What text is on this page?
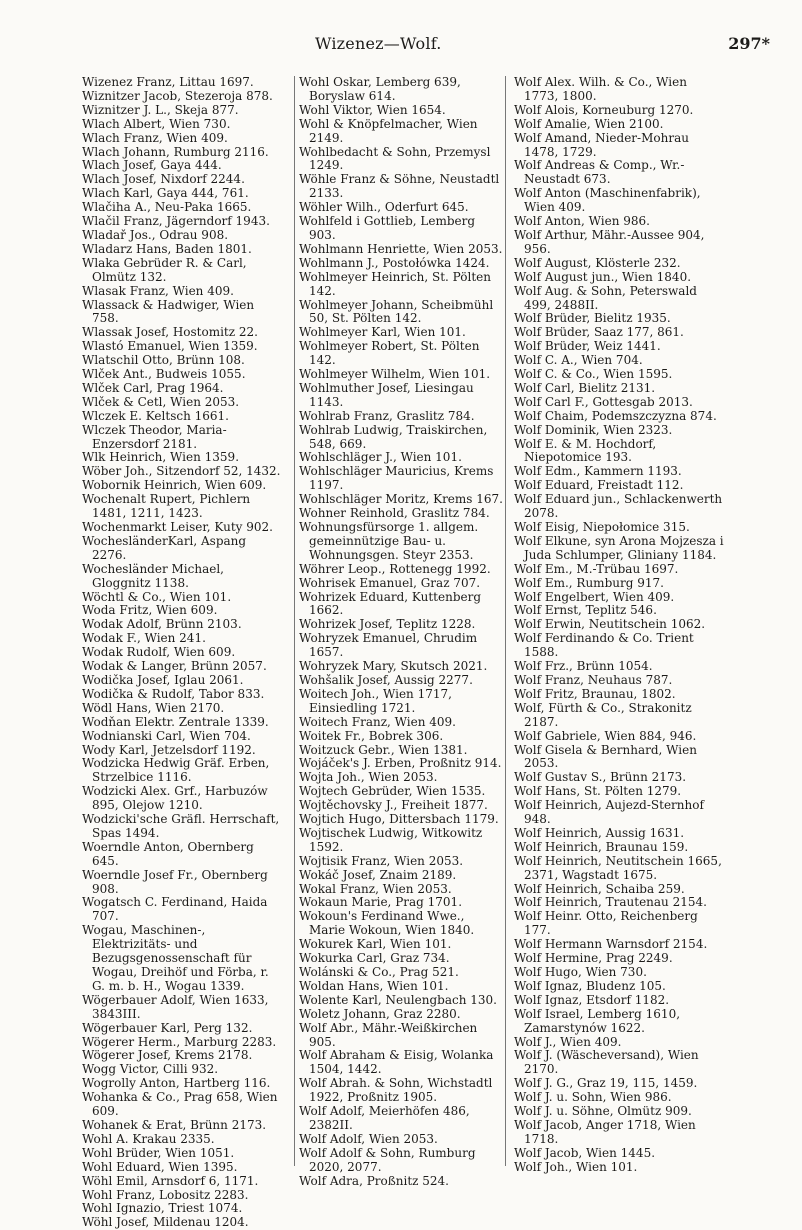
Wizenez—Wolf.	297*

Wizenez Franz, Littau 1697.

Wiznitzer Jacob, Stezeroja 878.

Wiznitzer J. L., Skeja 877.

Wlach Albert, Wien 730.

Wlach Franz, Wien 409.

Wlach Johann, Rumburg 2116.

Wlach Josef, Gaya 444.

Wlach Josef, Nixdorf 2244.

Wlach Karl, Gaya 444, 761.

Wlačiha A., Neu-Paka 1665.

Wlačil Franz, Jägerndorf 1943.

Wladař Jos., Odrau 908.

Wladarz Hans, Baden 1801.

Wlaka Gebrüder R. & Carl, Olmütz 132.

Wlasak Franz, Wien 409.

Wlassack & Hadwiger, Wien 758.

Wlassak Josef, Hostomitz 22.

Wlastó Emanuel, Wien 1359.

Wlatschil Otto, Brünn 108.

Wlček Ant., Budweis 1055.

Wlček Carl, Prag 1964.

Wlček & Cetl, Wien 2053.

Wlczek E. Keltsch 1661.

Wlczek Theodor, Maria-Enzersdorf 2181.

Wlk Heinrich, Wien 1359.

Wöber Joh., Sitzendorf 52, 1432.

Wobornik Heinrich, Wien 609.

Wochenalt Rupert, Pichlern 1481, 1211, 1423.

Wochenmarkt Leiser, Kuty 902.

WocheslӓnderKarl, Aspang 2276.

Wocheslӓnder Michael, Gloggnitz 1138.

Wöchtl & Co., Wien 101.

Woda Fritz, Wien 609.

Wodak Adolf, Brünn 2103.

Wodak F., Wien 241.

Wodak Rudolf, Wien 609.

Wodak & Langer, Brünn 2057.

Wodička Josef, Iglau 2061.

Wodička & Rudolf, Tabor 833.

Wödl Hans, Wien 2170.

Wodňan Elektr. Zentrale 1339.

Wodnianski Carl, Wien 704.

Wody Karl, Jetzelsdorf 1192.

Wodzicka Hedwig Gräf. Erben, Strzelbice 1116.

Wodzicki Alex. Grf., Harbuzów 895, Olejow 1210.

Wodzicki'sche Gräfl. Herrschaft, Spas 1494.

Woerndle Anton, Obernberg 645.

Woerndle Josef Fr., Obernberg 908.

Wogatsch C. Ferdinand, Haida 707.

Wogau, Maschinen-, Elektrizitäts- und Bezugsgenossenschaft für Wogau, Dreihöf und Förba, r. G. m. b. H., Wogau 1339.

Wögerbauer Adolf, Wien 1633, 3843III.

Wögerbauer Karl, Perg 132.

Wögerer Herm., Marburg 2283.

Wögerer Josef, Krems 2178.

Wogg Victor, Cilli 932.

Wogrolly Anton, Hartberg 116.

Wohanka & Co., Prag 658, Wien 609.

Wohanek & Erat, Brünn 2173.

Wohl A. Krakau 2335.

Wohl Brüder, Wien 1051.

Wohl Eduard, Wien 1395.

Wöhl Emil, Arnsdorf 6, 1171.

Wohl Franz, Lobositz 2283.

Wohl Ignazio, Triest 1074.

Wöhl Josef, Mildenau 1204.

Wohl Oskar, Lemberg 639, Boryslaw 614.

Wohl Viktor, Wien 1654.

Wohl & Knöpfelmacher, Wien 2149.

Wohlbedacht & Sohn, Przemysl 1249.

Wöhle Franz & Söhne, Neustadtl 2133.

Wöhler Wilh., Oderfurt 645.

Wohlfeld i Gottlieb, Lemberg 903.

Wohlmann Henriette, Wien 2053.

Wohlmann J., Postołówka 1424.

Wohlmeyer Heinrich, St. Pölten 142.

Wohlmeyer Johann, Scheibmühl 50, St. Pölten 142.

Wohlmeyer Karl, Wien 101.

Wohlmeyer Robert, St. Pölten 142.

Wohlmeyer Wilhelm, Wien 101.

Wohlmuther Josef, Liesingau 1143.

Wohlrab Franz, Graslitz 784.

Wohlrab Ludwig, Traiskirchen, 548, 669.

Wohlschläger J., Wien 101.

Wohlschläger Mauricius, Krems 1197.

Wohlschläger Moritz, Krems 167.

Wohner Reinhold, Graslitz 784.

Wohnungsfürsorge 1. allgem. gemeinnützige Bau- u. Wohnungsgen. Steyr 2353.

Wöhrer Leop., Rottenegg 1992.

Wohrisek Emanuel, Graz 707.

Wohrizek Eduard, Kuttenberg 1662.

Wohrizek Josef, Teplitz 1228.

Wohryzek Emanuel, Chrudim 1657.

Wohryzek Mary, Skutsch 2021.

Wohšalik Josef, Aussig 2277.

Woitech Joh., Wien 1717, Einsiedling 1721.

Woitech Franz, Wien 409.

Woitek Fr., Bobrek 306.

Woitzuck Gebr., Wien 1381.

Wojáček's J. Erben, Proßnitz 914.

Wojta Joh., Wien 2053.

Wojtech Gebrüder, Wien 1535.

Wojtěchovsky J., Freiheit 1877.

Wojtich Hugo, Dittersbach 1179.

Wojtischek Ludwig, Witkowitz 1592.

Wojtisik Franz, Wien 2053.

Wokáč Josef, Znaim 2189.

Wokal Franz, Wien 2053.

Wokaun Marie, Prag 1701.

Wokoun's Ferdinand Wwe., Marie Wokoun, Wien 1840.

Wokurek Karl, Wien 101.

Wokurka Carl, Graz 734.

Wolánski & Co., Prag 521.

Woldan Hans, Wien 101.

Wolente Karl, Neulengbach 130.

Woletz Johann, Graz 2280.

Wolf Abr., Mähr.-Weißkirchen 905.

Wolf Abraham & Eisig, Wolanka 1504, 1442.

Wolf Abrah. & Sohn, Wichstadtl 1922, Proßnitz 1905.

Wolf Adolf, Meierhöfen 486, 2382II.

Wolf Adolf, Wien 2053.

Wolf Adolf & Sohn, Rumburg 2020, 2077.

Wolf Adra, Proßnitz 524.

Wolf Alex. Wilh. & Co., Wien 1773, 1800.

Wolf Alois, Korneuburg 1270.

Wolf Amalie, Wien 2100.

Wolf Amand, Nieder-Mohrau 1478, 1729.

Wolf Andreas & Comp., Wr.-Neustadt 673.

Wolf Anton (Maschinenfabrik), Wien 409.

Wolf Anton, Wien 986.

Wolf Arthur, Mähr.-Aussee 904, 956.

Wolf August, Klösterle 232.

Wolf August jun., Wien 1840.

Wolf Aug. & Sohn, Peterswald 499, 2488II.

Wolf Brüder, Bielitz 1935.

Wolf Brüder, Saaz 177, 861.

Wolf Brüder, Weiz 1441.

Wolf C. A., Wien 704.

Wolf C. & Co., Wien 1595.

Wolf Carl, Bielitz 2131.

Wolf Carl F., Gottesgab 2013.

Wolf Chaim, Podemszczyzna 874.

Wolf Dominik, Wien 2323.

Wolf E. & M. Hochdorf, Niepotomice 193.

Wolf Edm., Kammern 1193.

Wolf Eduard, Freistadt 112.

Wolf Eduard jun., Schlackenwerth 2078.

Wolf Eisig, Niepołomice 315.

Wolf Elkune, syn Arona Mojzesza i Juda Schlumper, Gliniany 1184.

Wolf Em., M.-Trübau 1697.

Wolf Em., Rumburg 917.

Wolf Engelbert, Wien 409.

Wolf Ernst, Teplitz 546.

Wolf Erwin, Neutitschein 1062.

Wolf Ferdinando & Co. Trient 1588.

Wolf Frz., Brünn 1054.

Wolf Franz, Neuhaus 787.

Wolf Fritz, Braunau, 1802.

Wolf, Fürth & Co., Strakonitz 2187.

Wolf Gabriele, Wien 884, 946.

Wolf Gisela & Bernhard, Wien 2053.

Wolf Gustav S., Brünn 2173.

Wolf Hans, St. Pölten 1279.

Wolf Heinrich, Aujezd-Sternhof 948.

Wolf Heinrich, Aussig 1631.

Wolf Heinrich, Braunau 159.

Wolf Heinrich, Neutitschein 1665, 2371, Wagstadt 1675.

Wolf Heinrich, Schaiba 259.

Wolf Heinrich, Trautenau 2154.

Wolf Heinr. Otto, Reichenberg 177.

Wolf Hermann Warnsdorf 2154.

Wolf Hermine, Prag 2249.

Wolf Hugo, Wien 730.

Wolf Ignaz, Bludenz 105.

Wolf Ignaz, Etsdorf 1182.

Wolf Israel, Lemberg 1610, Zamarstynów 1622.

Wolf J., Wien 409.

Wolf J. (Wäscheversand), Wien 2170.

Wolf J. G., Graz 19, 115, 1459.

Wolf J. u. Sohn, Wien 986.

Wolf J. u. Söhne, Olmütz 909.

Wolf Jacob, Anger 1718, Wien 1718.

Wolf Jacob, Wien 1445.

Wolf Joh., Wien 101.
